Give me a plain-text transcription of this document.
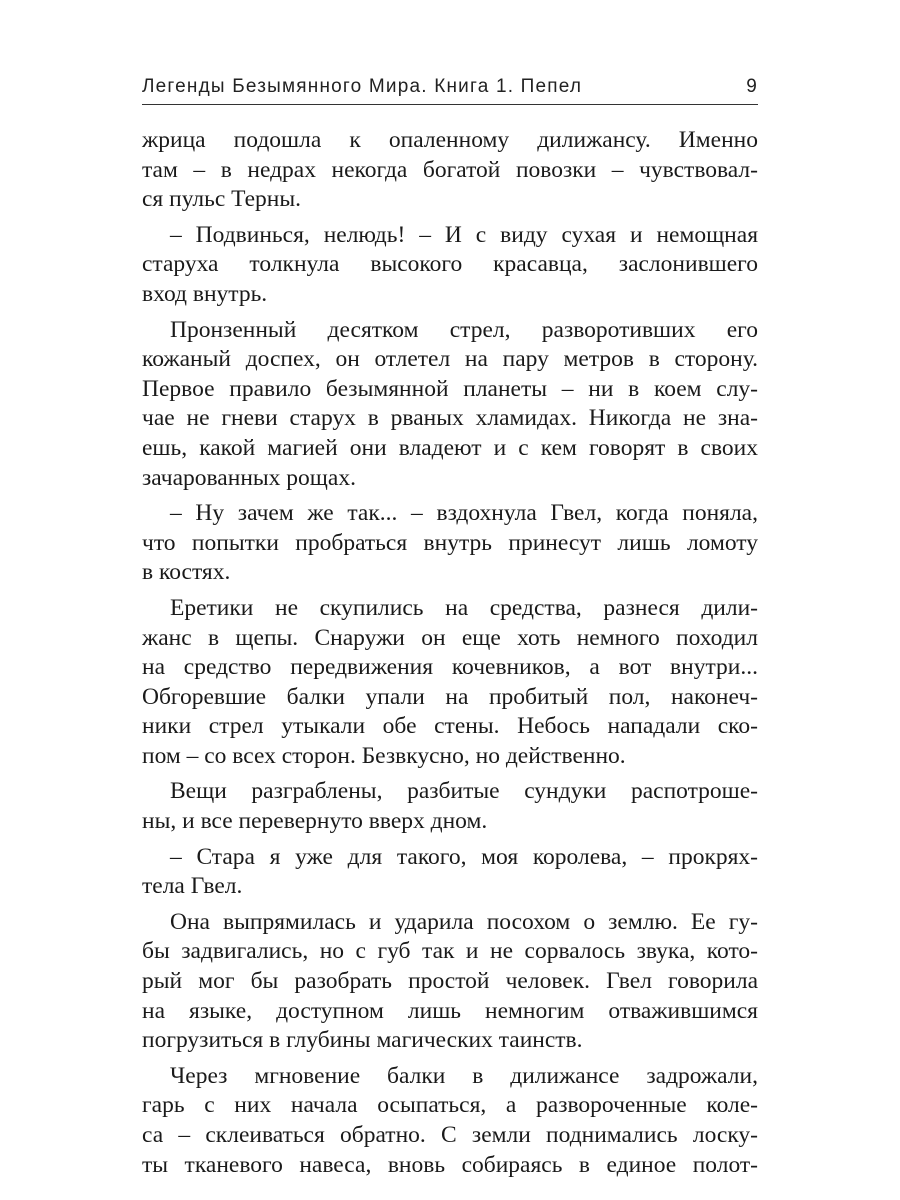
Легенды Безымянного Мира. Книга 1. Пепел	9
жрица подошла к опаленному дилижансу. Именно
там – в недрах некогда богатой повозки – чувствовал-
ся пульс Терны.
– Подвинься, нелюдь! – И с виду сухая и немощная
старуха толкнула высокого красавца, заслонившего
вход внутрь.
Пронзенный десятком стрел, разворотивших его
кожаный доспех, он отлетел на пару метров в сторону.
Первое правило безымянной планеты – ни в коем слу-
чае не гневи старух в рваных хламидах. Никогда не зна-
ешь, какой магией они владеют и с кем говорят в своих
зачарованных рощах.
– Ну зачем же так... – вздохнула Гвел, когда поняла,
что попытки пробраться внутрь принесут лишь ломоту
в костях.
Еретики не скупились на средства, разнеся дили-
жанс в щепы. Снаружи он еще хоть немного походил
на средство передвижения кочевников, а вот внутри...
Обгоревшие балки упали на пробитый пол, наконеч-
ники стрел утыкали обе стены. Небось нападали ско-
пом – со всех сторон. Безвкусно, но действенно.
Вещи разграблены, разбитые сундуки распотроше-
ны, и все перевернуто вверх дном.
– Стара я уже для такого, моя королева, – прокрях-
тела Гвел.
Она выпрямилась и ударила посохом о землю. Ее гу-
бы задвигались, но с губ так и не сорвалось звука, кото-
рый мог бы разобрать простой человек. Гвел говорила
на языке, доступном лишь немногим отважившимся
погрузиться в глубины магических таинств.
Через мгновение балки в дилижансе задрожали,
гарь с них начала осыпаться, а развороченные коле-
са – склеиваться обратно. С земли поднимались лоску-
ты тканевого навеса, вновь собираясь в единое полот-
